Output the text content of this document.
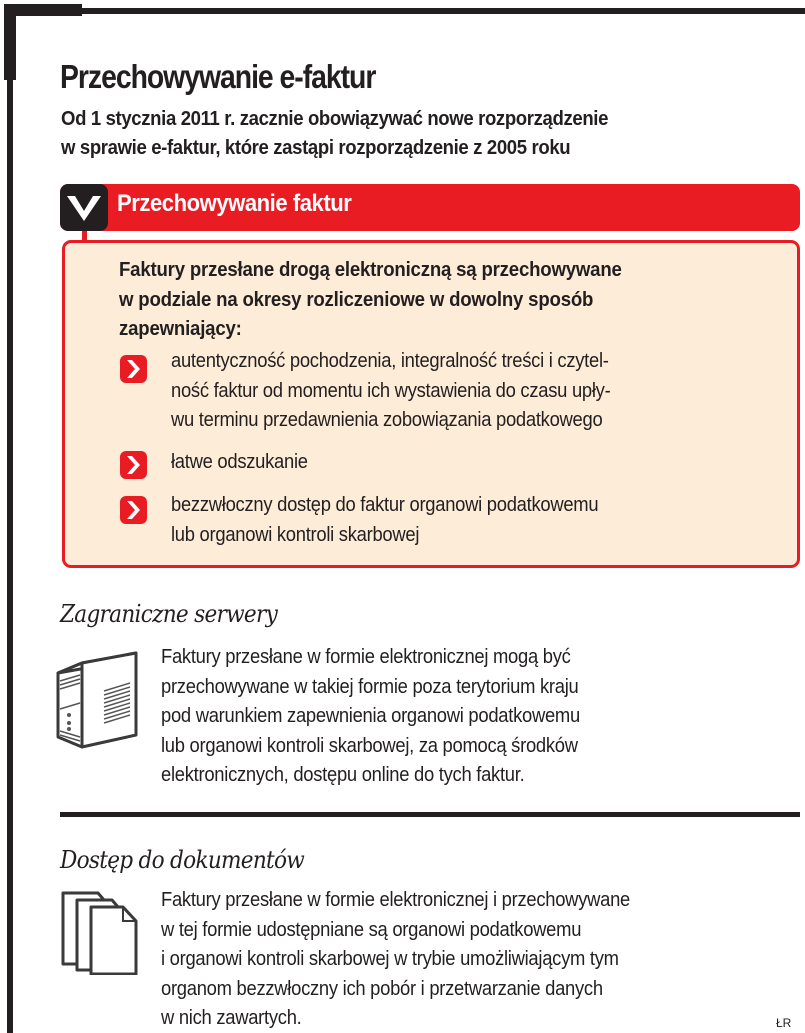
Przechowywanie e-faktur
Od 1 stycznia 2011 r. zacznie obowiązywać nowe rozporządzenie
w sprawie e-faktur, które zastąpi rozporządzenie z 2005 roku
Przechowywanie faktur
Faktury przesłane drogą elektroniczną są przechowywane
w podziale na okresy rozliczeniowe w dowolny sposób
zapewniający:
autentyczność pochodzenia, integralność treści i czytel-
ność faktur od momentu ich wystawienia do czasu upły-
wu terminu przedawnienia zobowiązania podatkowego
łatwe odszukanie
bezzwłoczny dostęp do faktur organowi podatkowemu
lub organowi kontroli skarbowej
Zagraniczne serwery
Faktury przesłane w formie elektronicznej mogą być
przechowywane w takiej formie poza terytorium kraju
pod warunkiem zapewnienia organowi podatkowemu
lub organowi kontroli skarbowej, za pomocą środków
elektronicznych, dostępu online do tych faktur.
Dostęp do dokumentów
Faktury przesłane w formie elektronicznej i przechowywane
w tej formie udostępniane są organowi podatkowemu
i organowi kontroli skarbowej w trybie umożliwiającym tym
organom bezzwłoczny ich pobór i przetwarzanie danych
w nich zawartych.	ŁR
